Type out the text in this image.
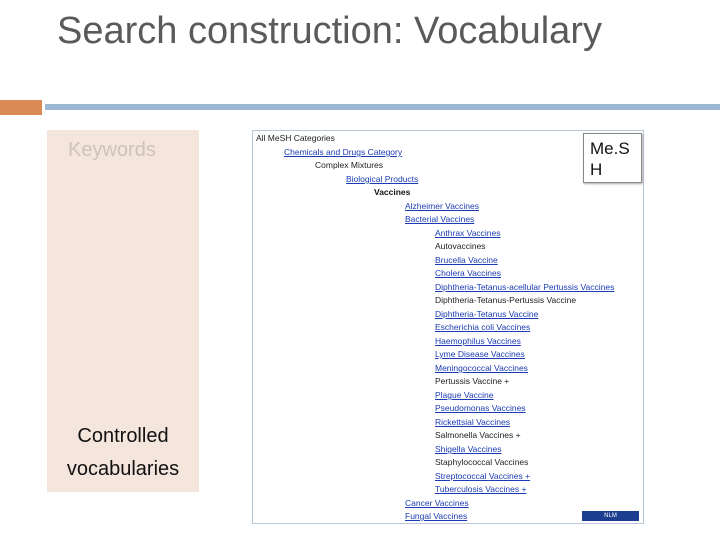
Search construction: Vocabulary
Keywords
Controlled vocabularies
All MeSH Categories
Chemicals and Drugs Category
Complex Mixtures
Biological Products
Vaccines
Alzheimer Vaccines
Bacterial Vaccines
Anthrax Vaccines
Autovaccines
Brucella Vaccine
Cholera Vaccines
Diphtheria-Tetanus-acellular Pertussis Vaccines
Diphtheria-Tetanus-Pertussis Vaccine
Diphtheria-Tetanus Vaccine
Escherichia coli Vaccines
Haemophilus Vaccines
Lyme Disease Vaccines
Meningococcal Vaccines
Pertussis Vaccine +
Plague Vaccine
Pseudomonas Vaccines
Rickettsial Vaccines
Salmonella Vaccines +
Shigella Vaccines
Staphylococcal Vaccines
Streptococcal Vaccines +
Tuberculosis Vaccines +
Cancer Vaccines
Fungal Vaccines	NLM
Me.S H
